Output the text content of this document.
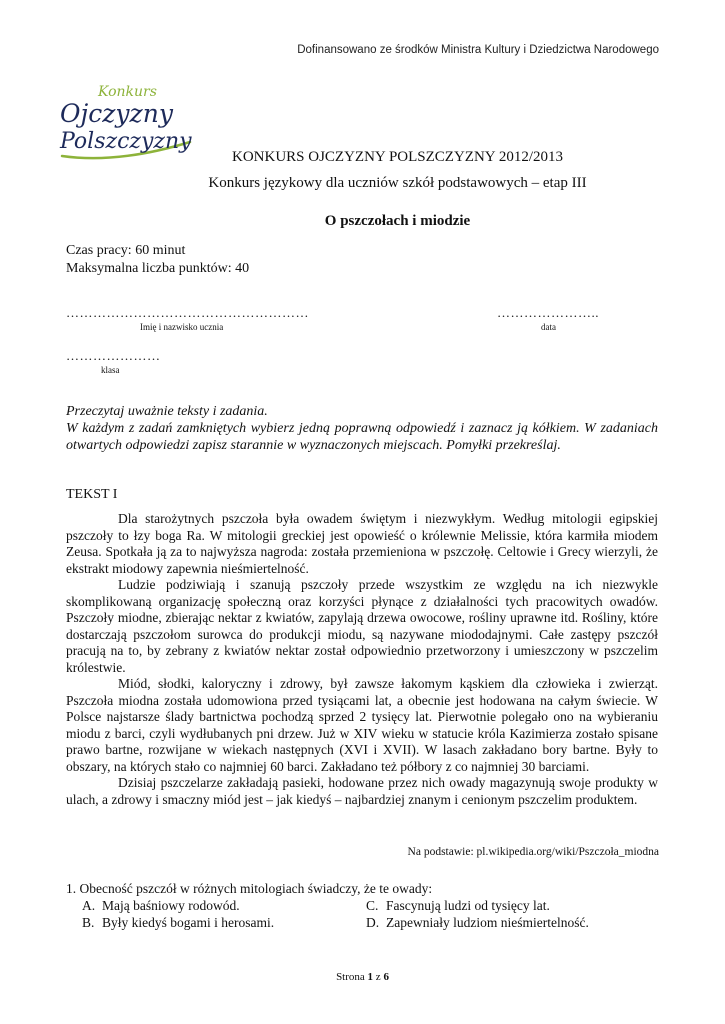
Dofinansowano ze środków Ministra Kultury i Dziedzictwa Narodowego
Konkurs
Ojczyzny
Polszczyzny
KONKURS OJCZYZNY POLSZCZYZNY 2012/2013
Konkurs językowy dla uczniów szkół podstawowych – etap III
O pszczołach i miodzie
Czas pracy: 60 minut
Maksymalna liczba punktów: 40
………………………………………………
Imię i nazwisko ucznia
…………………..
data
…………………
klasa

Przeczytaj uważnie teksty i zadania.

W każdym z zadań zamkniętych wybierz jedną poprawną odpowiedź i zaznacz ją kółkiem. W zadaniach otwartych odpowiedzi zapisz starannie w wyznaczonych miejscach. Pomyłki przekreślaj.

TEKST I

Dla starożytnych pszczoła była owadem świętym i niezwykłym. Według mitologii egipskiej pszczoły to łzy boga Ra. W mitologii greckiej jest opowieść o królewnie Melissie, która karmiła miodem Zeusa. Spotkała ją za to najwyższa nagroda: została przemieniona w pszczołę. Celtowie i Grecy wierzyli, że ekstrakt miodowy zapewnia nieśmiertelność.

Ludzie podziwiają i szanują pszczoły przede wszystkim ze względu na ich niezwykle skomplikowaną organizację społeczną oraz korzyści płynące z działalności tych pracowitych owadów. Pszczoły miodne, zbierając nektar z kwiatów, zapylają drzewa owocowe, rośliny uprawne itd. Rośliny, które dostarczają pszczołom surowca do produkcji miodu, są nazywane miododajnymi. Całe zastępy pszczół pracują na to, by zebrany z kwiatów nektar został odpowiednio przetworzony i umieszczony w pszczelim królestwie.

Miód, słodki, kaloryczny i zdrowy, był zawsze łakomym kąskiem dla człowieka i zwierząt. Pszczoła miodna została udomowiona przed tysiącami lat, a obecnie jest hodowana na całym świecie. W Polsce najstarsze ślady bartnictwa pochodzą sprzed 2 tysięcy lat. Pierwotnie polegało ono na wybieraniu miodu z barci, czyli wydłubanych pni drzew. Już w XIV wieku w statucie króla Kazimierza zostało spisane prawo bartne, rozwijane w wiekach następnych (XVI i XVII). W lasach zakładano bory bartne. Były to obszary, na których stało co najmniej 60 barci. Zakładano też półbory z co najmniej 30 barciami.

Dzisiaj pszczelarze zakładają pasieki, hodowane przez nich owady magazynują swoje produkty w ulach, a zdrowy i smaczny miód jest – jak kiedyś – najbardziej znanym i cenionym pszczelim produktem.

Na podstawie: pl.wikipedia.org/wiki/Pszczoła_miodna
1. Obecność pszczół w różnych mitologiach świadczy, że te owady:
A. Mają baśniowy rodowód.	C. Fascynują ludzi od tysięcy lat.
B. Były kiedyś bogami i herosami.	D. Zapewniały ludziom nieśmiertelność.
Strona 1 z 6
